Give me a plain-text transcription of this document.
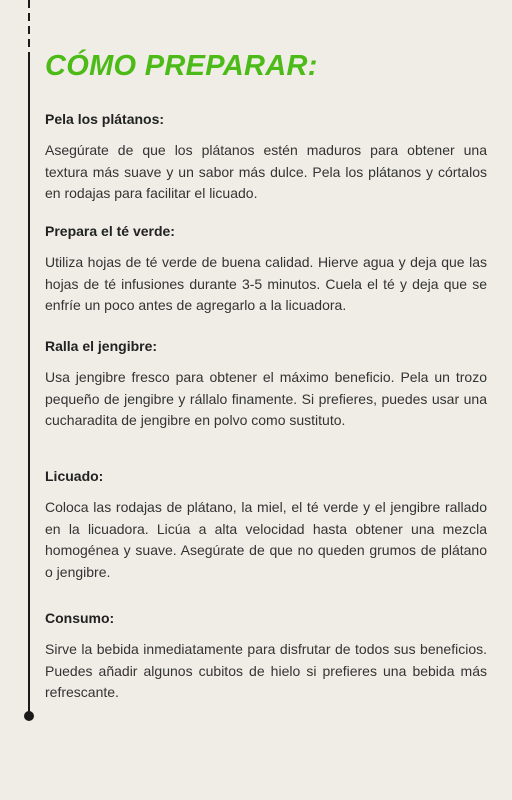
CÓMO PREPARAR:
Pela los plátanos:

Asegúrate de que los plátanos estén maduros para obtener una textura más suave y un sabor más dulce. Pela los plátanos y córtalos en rodajas para facilitar el licuado.

Prepara el té verde:

Utiliza hojas de té verde de buena calidad. Hierve agua y deja que las hojas de té infusiones durante 3-5 minutos. Cuela el té y deja que se enfríe un poco antes de agregarlo a la licuadora.

Ralla el jengibre:

Usa jengibre fresco para obtener el máximo beneficio. Pela un trozo pequeño de jengibre y rállalo finamente. Si prefieres, puedes usar una cucharadita de jengibre en polvo como sustituto.

Licuado:

Coloca las rodajas de plátano, la miel, el té verde y el jengibre rallado en la licuadora. Licúa a alta velocidad hasta obtener una mezcla homogénea y suave. Asegúrate de que no queden grumos de plátano o jengibre.

Consumo:

Sirve la bebida inmediatamente para disfrutar de todos sus beneficios. Puedes añadir algunos cubitos de hielo si prefieres una bebida más refrescante.
